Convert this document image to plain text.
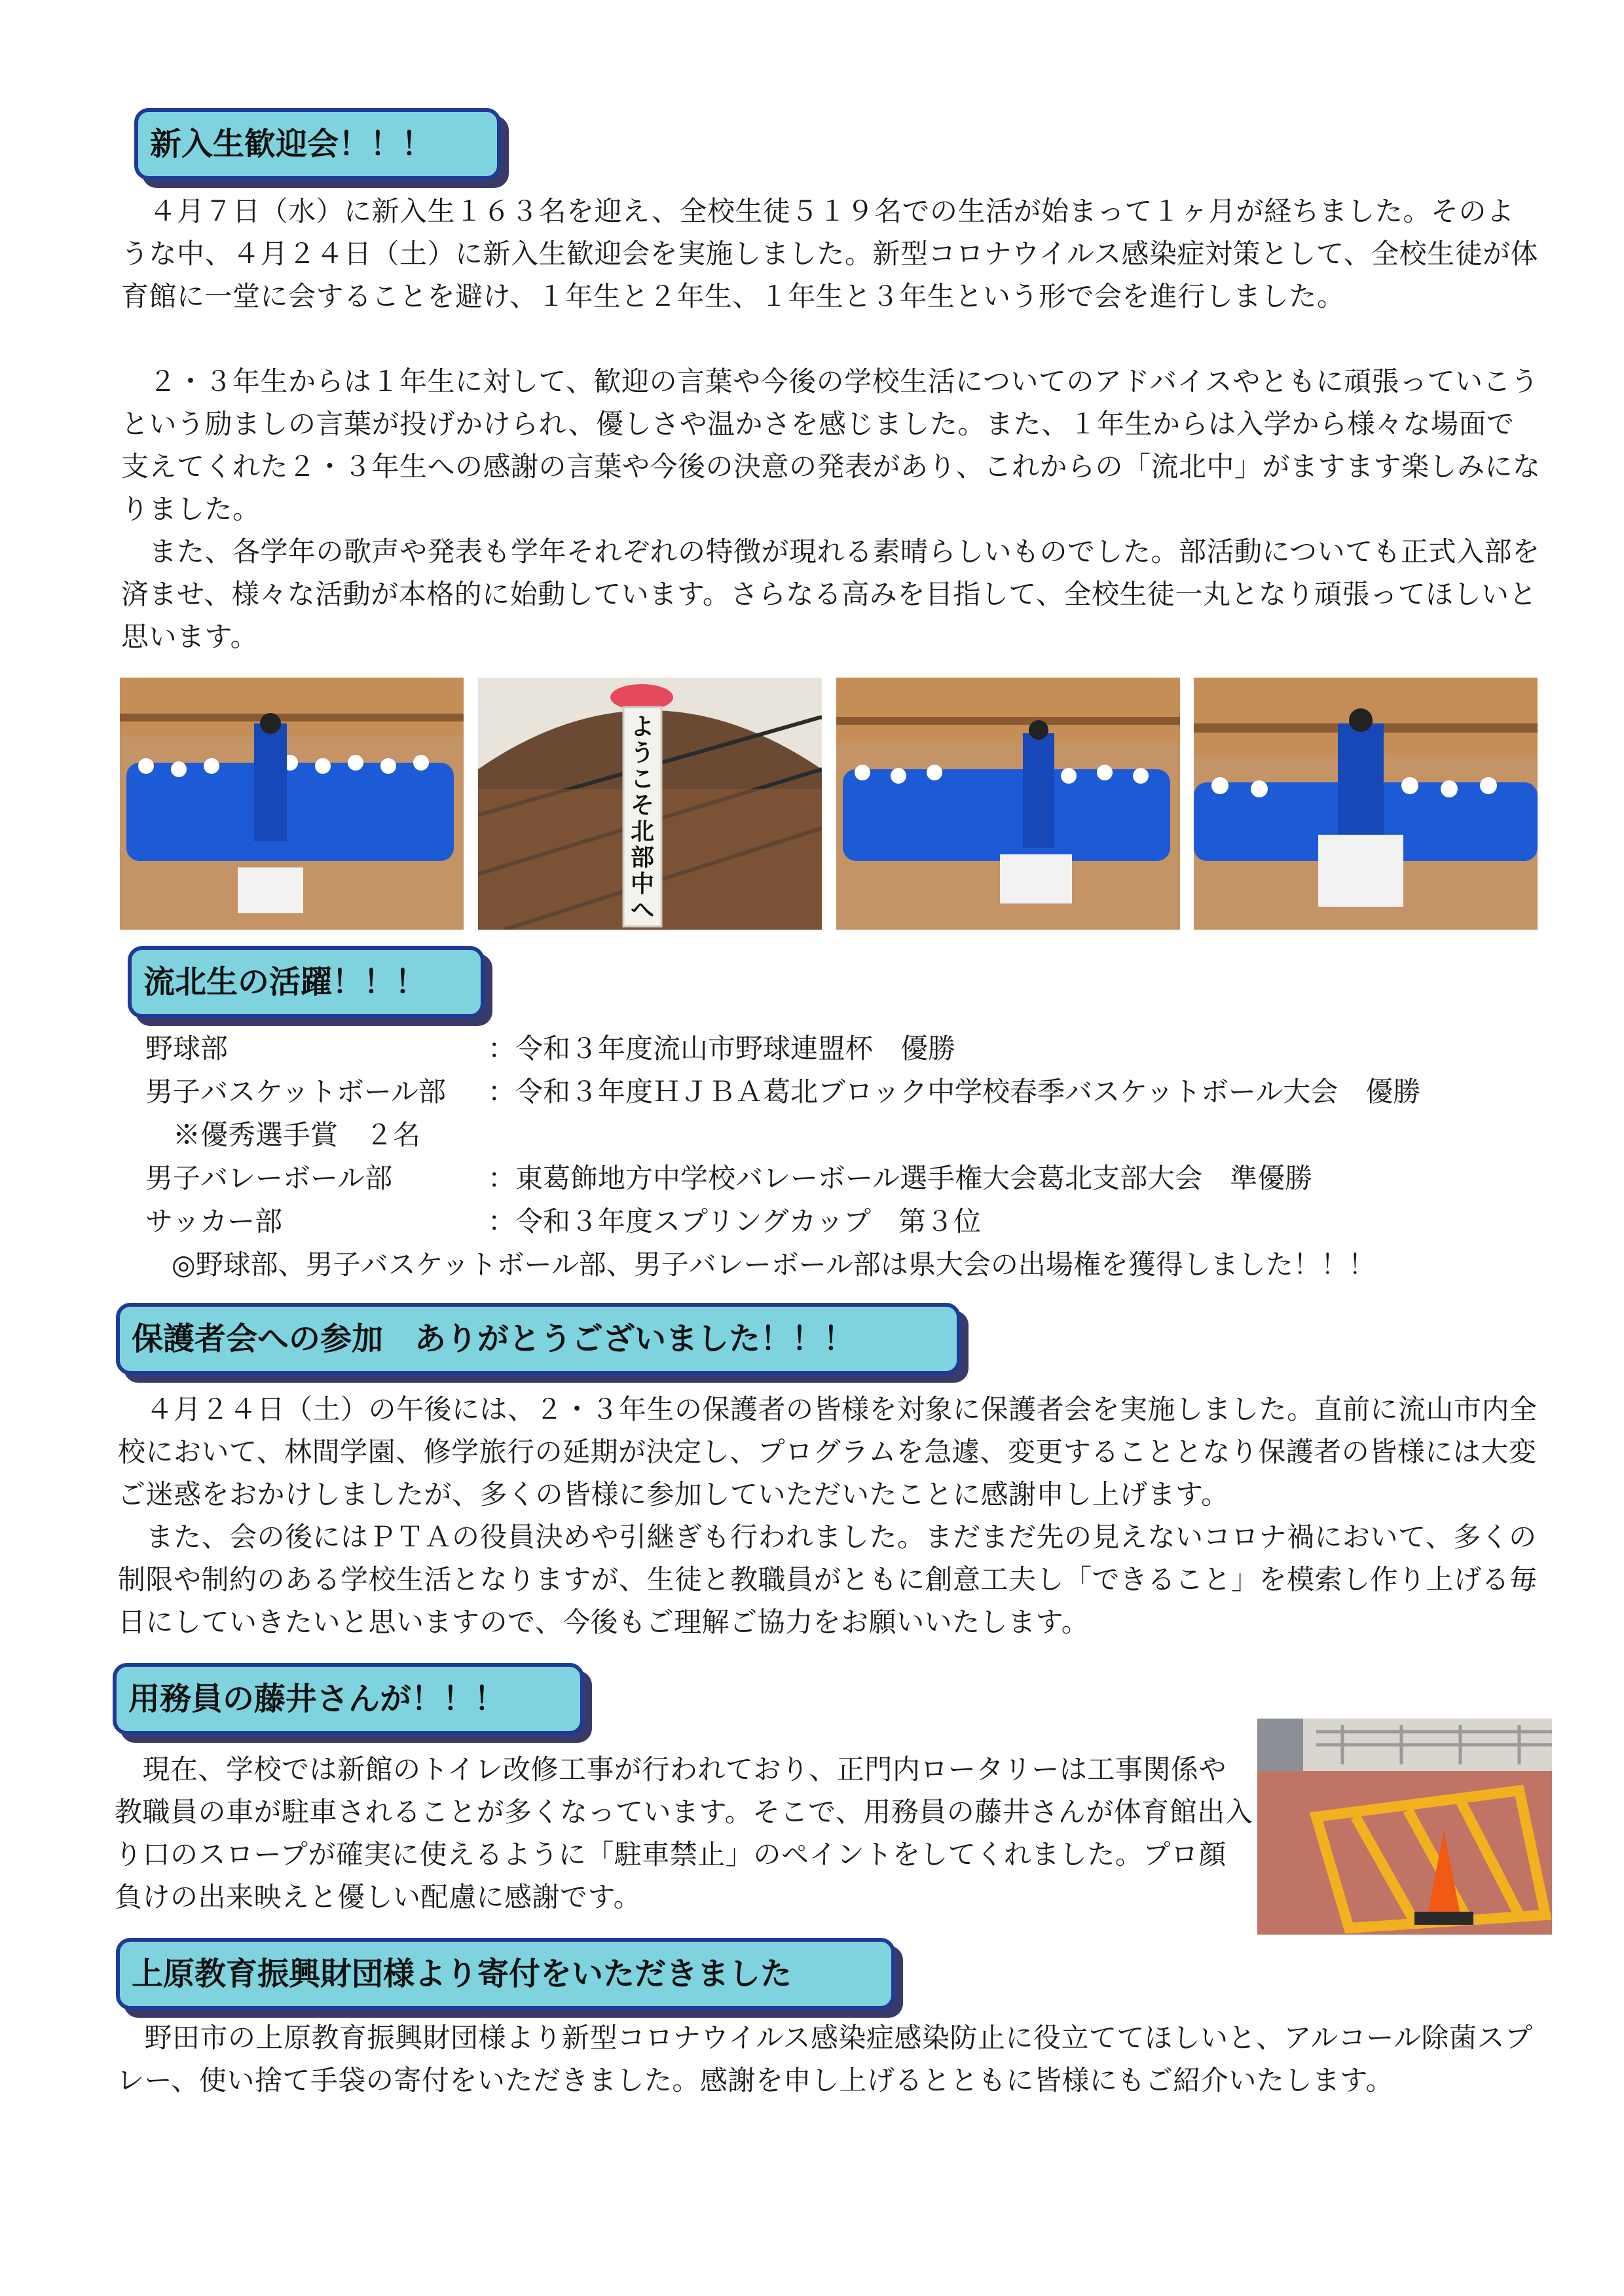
新入生歓迎会！！！
　４月７日（水）に新入生１６３名を迎え、全校生徒５１９名での生活が始まって１ヶ月が経ちました。そのような中、４月２４日（土）に新入生歓迎会を実施しました。新型コロナウイルス感染症対策として、全校生徒が体育館に一堂に会することを避け、１年生と２年生、１年生と３年生という形で会を進行しました。
　２・３年生からは１年生に対して、歓迎の言葉や今後の学校生活についてのアドバイスやともに頑張っていこうという励ましの言葉が投げかけられ、優しさや温かさを感じました。また、１年生からは入学から様々な場面で支えてくれた２・３年生への感謝の言葉や今後の決意の発表があり、これからの「流北中」がますます楽しみになりました。
　また、各学年の歌声や発表も学年それぞれの特徴が現れる素晴らしいものでした。部活動についても正式入部を済ませ、様々な活動が本格的に始動しています。さらなる高みを目指して、全校生徒一丸となり頑張ってほしいと思います。
ようこそ北部中へ
流北生の活躍！！！
野球部	：令和３年度流山市野球連盟杯　優勝
男子バスケットボール部 ：令和３年度ＨＪＢＡ葛北ブロック中学校春季バスケットボール大会　優勝
　※優秀選手賞　２名
男子バレーボール部	：東葛飾地方中学校バレーボール選手権大会葛北支部大会　準優勝
サッカー部	：令和３年度スプリングカップ　第３位
◎野球部、男子バスケットボール部、男子バレーボール部は県大会の出場権を獲得しました！！！
保護者会への参加　ありがとうございました！！！
　４月２４日（土）の午後には、２・３年生の保護者の皆様を対象に保護者会を実施しました。直前に流山市内全校において、林間学園、修学旅行の延期が決定し、プログラムを急遽、変更することとなり保護者の皆様には大変ご迷惑をおかけしましたが、多くの皆様に参加していただいたことに感謝申し上げます。
　また、会の後にはＰＴＡの役員決めや引継ぎも行われました。まだまだ先の見えないコロナ禍において、多くの制限や制約のある学校生活となりますが、生徒と教職員がともに創意工夫し「できること」を模索し作り上げる毎日にしていきたいと思いますので、今後もご理解ご協力をお願いいたします。
用務員の藤井さんが！！！
　現在、学校では新館のトイレ改修工事が行われており、正門内ロータリーは工事関係や教職員の車が駐車されることが多くなっています。そこで、用務員の藤井さんが体育館出入り口のスロープが確実に使えるように「駐車禁止」のペイントをしてくれました。プロ顔負けの出来映えと優しい配慮に感謝です。
上原教育振興財団様より寄付をいただきました
　野田市の上原教育振興財団様より新型コロナウイルス感染症感染防止に役立ててほしいと、アルコール除菌スプレー、使い捨て手袋の寄付をいただきました。感謝を申し上げるとともに皆様にもご紹介いたします。
